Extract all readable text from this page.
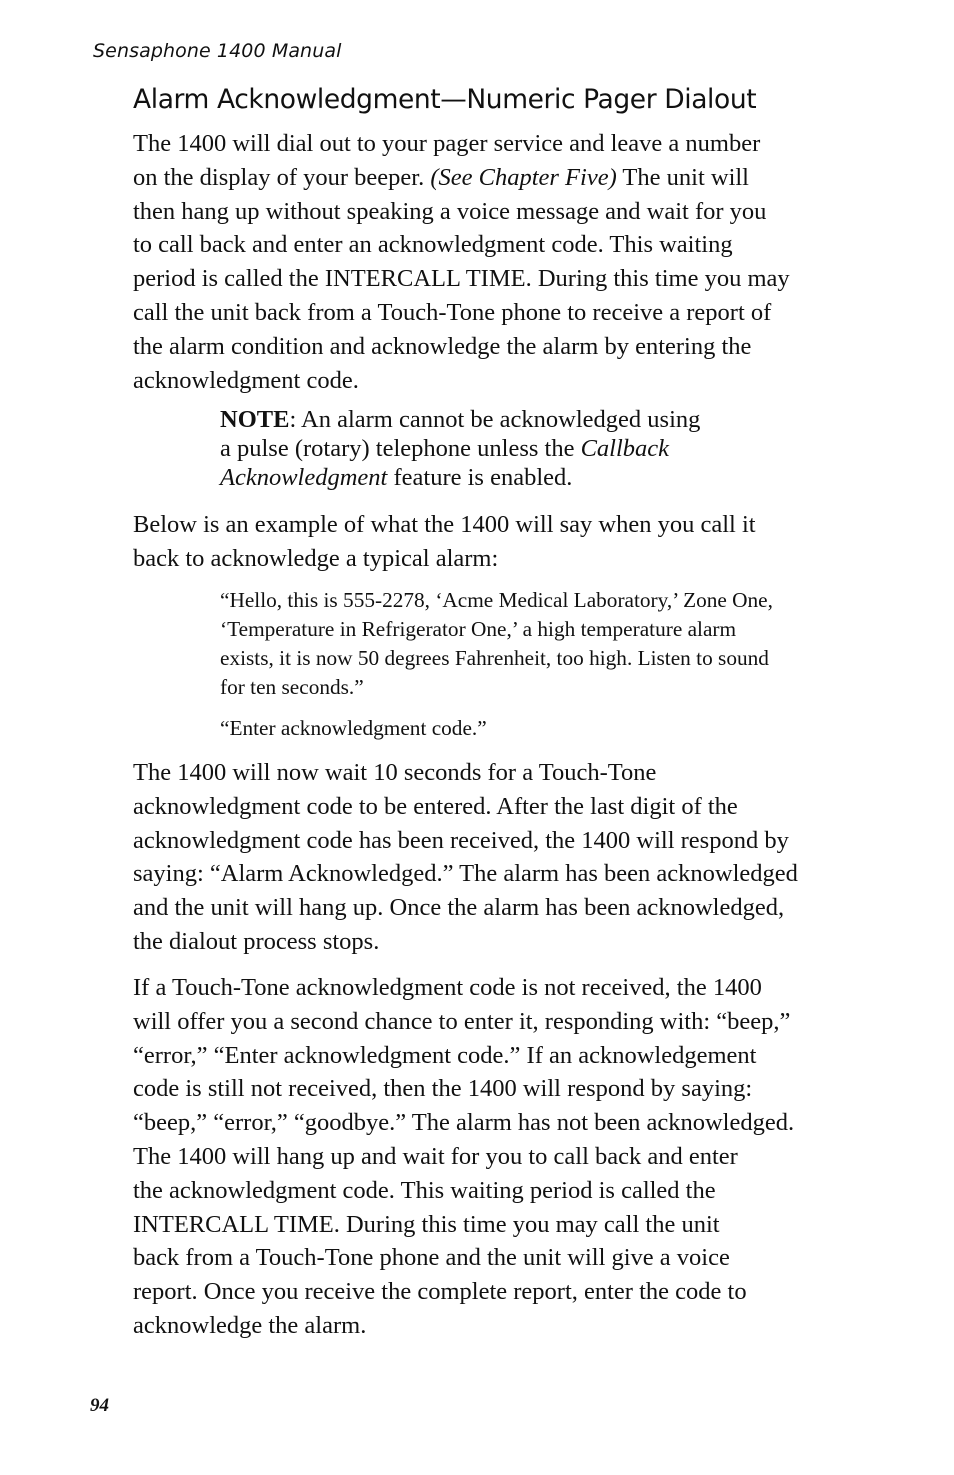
Sensaphone 1400 Manual
Alarm Acknowledgment—Numeric Pager Dialout

The 1400 will dial out to your pager service and leave a number
on the display of your beeper. (See Chapter Five) The unit will
then hang up without speaking a voice message and wait for you
to call back and enter an acknowledgment code. This waiting
period is called the INTERCALL TIME. During this time you may
call the unit back from a Touch-Tone phone to receive a report of
the alarm condition and acknowledge the alarm by entering the
acknowledgment code.

NOTE: An alarm cannot be acknowledged using
a pulse (rotary) telephone unless the Callback
Acknowledgment feature is enabled.

Below is an example of what the 1400 will say when you call it
back to acknowledge a typical alarm:

“Hello, this is 555-2278, ‘Acme Medical Laboratory,’ Zone One,
‘Temperature in Refrigerator One,’ a high temperature alarm
exists, it is now 50 degrees Fahrenheit, too high. Listen to sound
for ten seconds.”

“Enter acknowledgment code.”

The 1400 will now wait 10 seconds for a Touch-Tone
acknowledgment code to be entered. After the last digit of the
acknowledgment code has been received, the 1400 will respond by
saying: “Alarm Acknowledged.” The alarm has been acknowledged
and the unit will hang up. Once the alarm has been acknowledged,
the dialout process stops.

If a Touch-Tone acknowledgment code is not received, the 1400
will offer you a second chance to enter it, responding with: “beep,”
“error,” “Enter acknowledgment code.” If an acknowledgement
code is still not received, then the 1400 will respond by saying:
“beep,” “error,” “goodbye.” The alarm has not been acknowledged.
The 1400 will hang up and wait for you to call back and enter
the acknowledgment code. This waiting period is called the
INTERCALL TIME. During this time you may call the unit
back from a Touch-Tone phone and the unit will give a voice
report. Once you receive the complete report, enter the code to
acknowledge the alarm.

94
